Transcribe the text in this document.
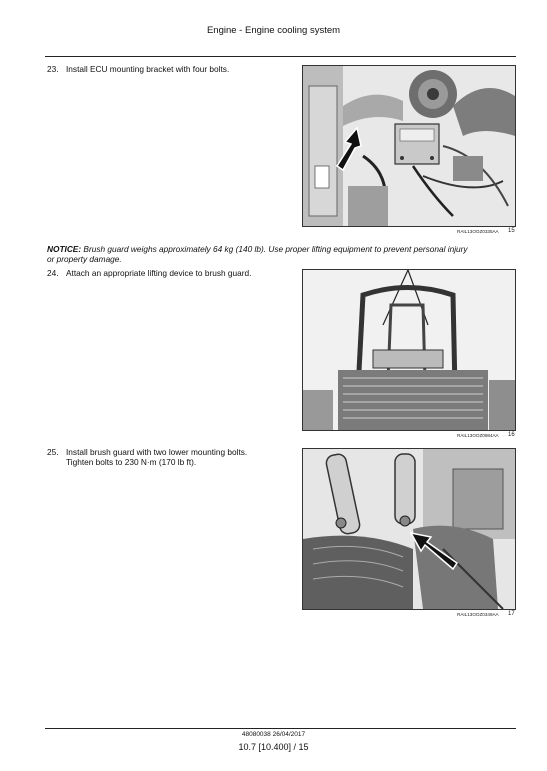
Engine - Engine cooling system
23. Install ECU mounting bracket with four bolts.
RAIL13OOZ0335AA 15
NOTICE: Brush guard weighs approximately 64 kg (140 lb). Use proper lifting equipment to prevent personal injury
or property damage.
24. Attach an appropriate lifting device to brush guard.
RAIL13OOZ0984AA 16
25. Install brush guard with two lower mounting bolts.
Tighten bolts to 230 N·m (170 lb ft).
RAIL13OOZ0349AA 17
48080038 26/04/2017
10.7 [10.400] / 15
